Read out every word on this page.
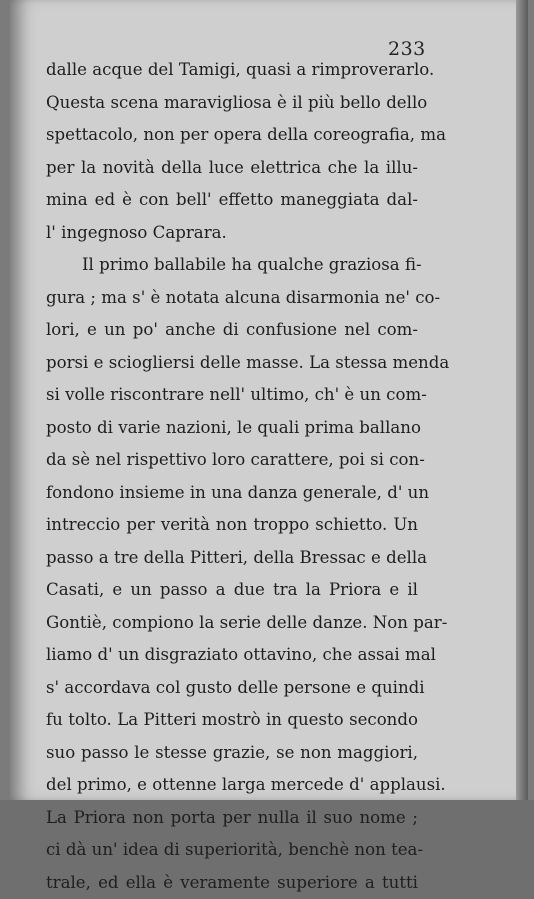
233
dalle acque del Tamigi, quasi a rimproverarlo.
Questa scena maravigliosa è il più bello dello
spettacolo, non per opera della coreografia, ma
per la novità della luce elettrica che la illu-
mina ed è con bell' effetto maneggiata dal-
l' ingegnoso Caprara.
Il primo ballabile ha qualche graziosa fi-
gura ; ma s' è notata alcuna disarmonia ne' co-
lori, e un po' anche di confusione nel com-
porsi e sciogliersi delle masse. La stessa menda
si volle riscontrare nell' ultimo, ch' è un com-
posto di varie nazioni, le quali prima ballano
da sè nel rispettivo loro carattere, poi si con-
fondono insieme in una danza generale, d' un
intreccio per verità non troppo schietto. Un
passo a tre della Pitteri, della Bressac e della
Casati, e un passo a due tra la Priora e il
Gontiè, compiono la serie delle danze. Non par-
liamo d' un disgraziato ottavino, che assai mal
s' accordava col gusto delle persone e quindi
fu tolto. La Pitteri mostrò in questo secondo
suo passo le stesse grazie, se non maggiori,
del primo, e ottenne larga mercede d' applausi.
La Priora non porta per nulla il suo nome ;
ci dà un' idea di superiorità, benchè non tea-
trale, ed ella è veramente superiore a tutti
